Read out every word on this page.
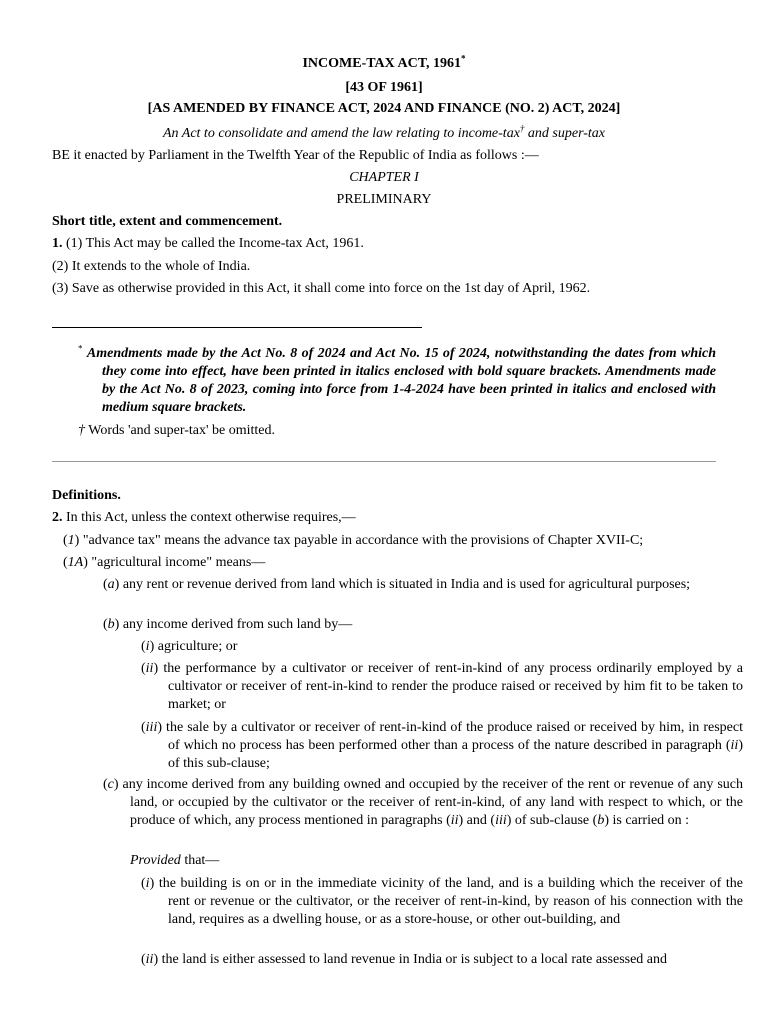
INCOME-TAX ACT, 1961*
[43 OF 1961]
[AS AMENDED BY FINANCE ACT, 2024 AND FINANCE (NO. 2) ACT, 2024]
An Act to consolidate and amend the law relating to income-tax† and super-tax
BE it enacted by Parliament in the Twelfth Year of the Republic of India as follows :—
CHAPTER I
PRELIMINARY
Short title, extent and commencement.
1. (1) This Act may be called the Income-tax Act, 1961.
(2) It extends to the whole of India.
(3) Save as otherwise provided in this Act, it shall come into force on the 1st day of April, 1962.
* Amendments made by the Act No. 8 of 2024 and Act No. 15 of 2024, notwithstanding the dates from which they come into effect, have been printed in italics enclosed with bold square brackets. Amendments made by the Act No. 8 of 2023, coming into force from 1-4-2024 have been printed in italics and enclosed with medium square brackets.
† Words 'and super-tax' be omitted.
Definitions.
2. In this Act, unless the context otherwise requires,—
(1) "advance tax" means the advance tax payable in accordance with the provisions of Chapter XVII-C;
(1A) "agricultural income" means—
(a) any rent or revenue derived from land which is situated in India and is used for agricultural purposes;
(b) any income derived from such land by—
(i) agriculture; or
(ii) the performance by a cultivator or receiver of rent-in-kind of any process ordinarily employed by a cultivator or receiver of rent-in-kind to render the produce raised or received by him fit to be taken to market; or
(iii) the sale by a cultivator or receiver of rent-in-kind of the produce raised or received by him, in respect of which no process has been performed other than a process of the nature described in paragraph (ii) of this sub-clause;
(c) any income derived from any building owned and occupied by the receiver of the rent or revenue of any such land, or occupied by the cultivator or the receiver of rent-in-kind, of any land with respect to which, or the produce of which, any process mentioned in paragraphs (ii) and (iii) of sub-clause (b) is carried on :
Provided that—
(i) the building is on or in the immediate vicinity of the land, and is a building which the receiver of the rent or revenue or the cultivator, or the receiver of rent-in-kind, by reason of his connection with the land, requires as a dwelling house, or as a store-house, or other out-building, and
(ii) the land is either assessed to land revenue in India or is subject to a local rate assessed and
